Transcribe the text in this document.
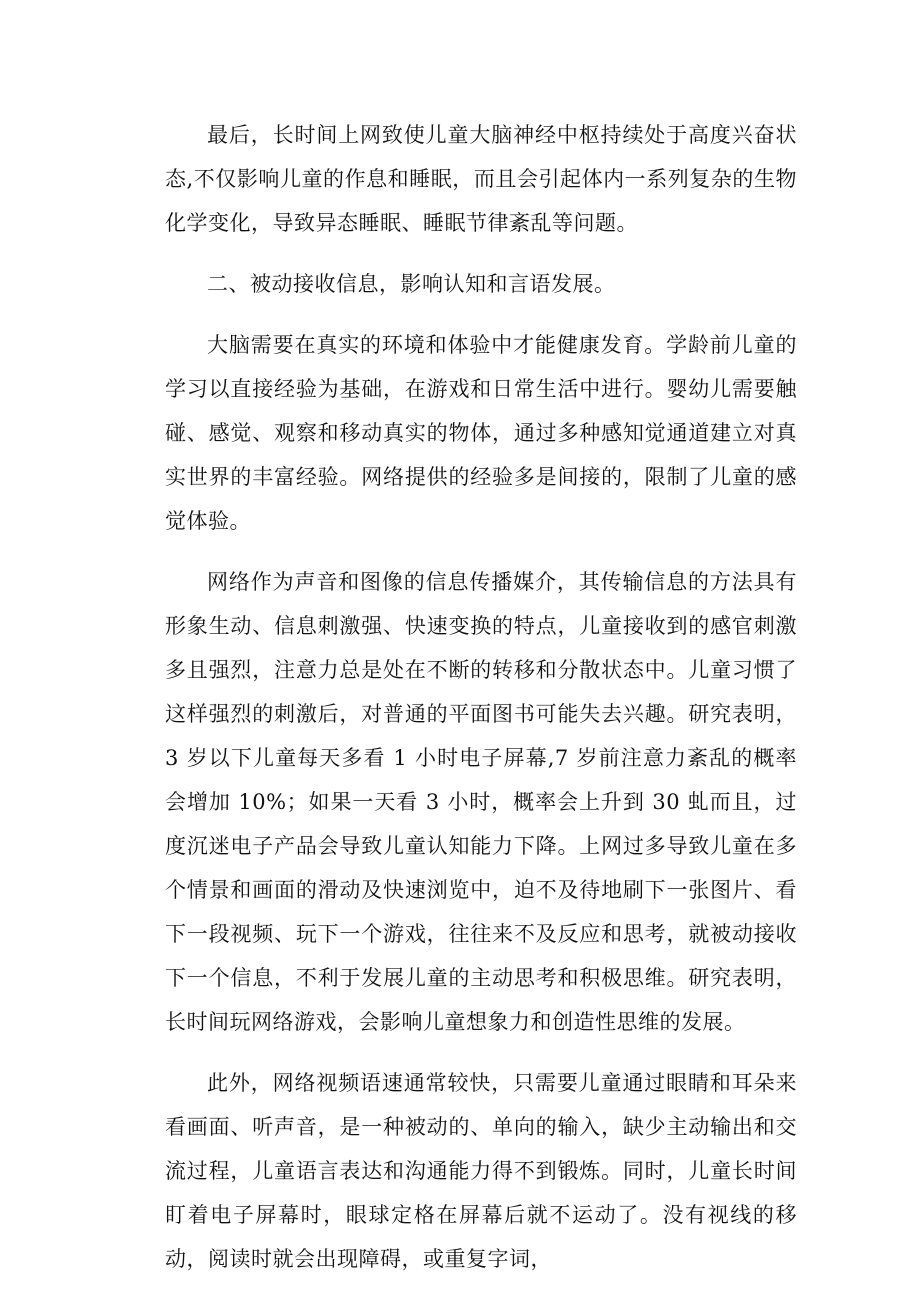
最后，长时间上网致使儿童大脑神经中枢持续处于高度兴奋状态,不仅影响儿童的作息和睡眠，而且会引起体内一系列复杂的生物化学变化，导致异态睡眠、睡眠节律紊乱等问题。

二、被动接收信息，影响认知和言语发展。

大脑需要在真实的环境和体验中才能健康发育。学龄前儿童的学习以直接经验为基础，在游戏和日常生活中进行。婴幼儿需要触碰、感觉、观察和移动真实的物体，通过多种感知觉通道建立对真实世界的丰富经验。网络提供的经验多是间接的，限制了儿童的感觉体验。

网络作为声音和图像的信息传播媒介，其传输信息的方法具有形象生动、信息刺激强、快速变换的特点，儿童接收到的感官刺激多且强烈，注意力总是处在不断的转移和分散状态中。儿童习惯了这样强烈的刺激后，对普通的平面图书可能失去兴趣。研究表明，3 岁以下儿童每天多看 1 小时电子屏幕,7 岁前注意力紊乱的概率会增加 10%；如果一天看 3 小时，概率会上升到 30 虬而且，过度沉迷电子产品会导致儿童认知能力下降。上网过多导致儿童在多个情景和画面的滑动及快速浏览中，迫不及待地刷下一张图片、看下一段视频、玩下一个游戏，往往来不及反应和思考，就被动接收下一个信息，不利于发展儿童的主动思考和积极思维。研究表明，长时间玩网络游戏，会影响儿童想象力和创造性思维的发展。

此外，网络视频语速通常较快，只需要儿童通过眼睛和耳朵来看画面、听声音，是一种被动的、单向的输入，缺少主动输出和交流过程，儿童语言表达和沟通能力得不到锻炼。同时，儿童长时间盯着电子屏幕时，眼球定格在屏幕后就不运动了。没有视线的移动，阅读时就会出现障碍，或重复字词，
